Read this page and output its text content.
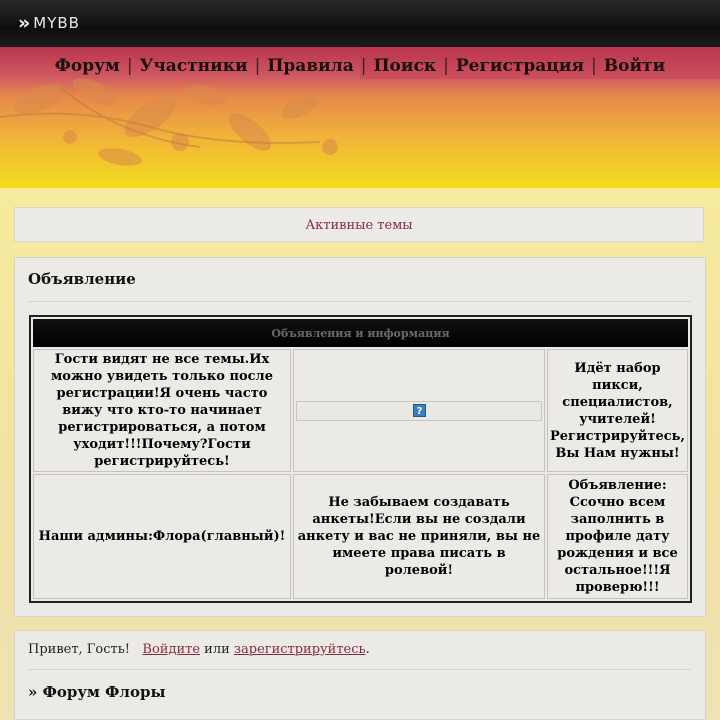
» MYBB
Форум | Участники | Правила | Поиск | Регистрация | Войти
Активные темы
Объявление
Объявления и информация		
Гости видят не все темы.Их можно увидеть только после регистрации!Я очень часто вижу что кто-то начинает регистрироваться, а потом уходит!!!Почему?Гости регистрируйтесь!	?	Идёт набор пикси, специалистов, учителей! Регистрируйтесь, Вы Нам нужны!
Наши админы:Флора(главный)!	Не забываем создавать анкеты!Если вы не создали анкету и вас не приняли, вы не имеете права писать в ролевой!	Объявление: Ссочно всем заполнить в профиле дату рождения и все остальное!!!Я проверю!!!
Привет, Гость! Войдите или зарегистрируйтесь.
» Форум Флоры
